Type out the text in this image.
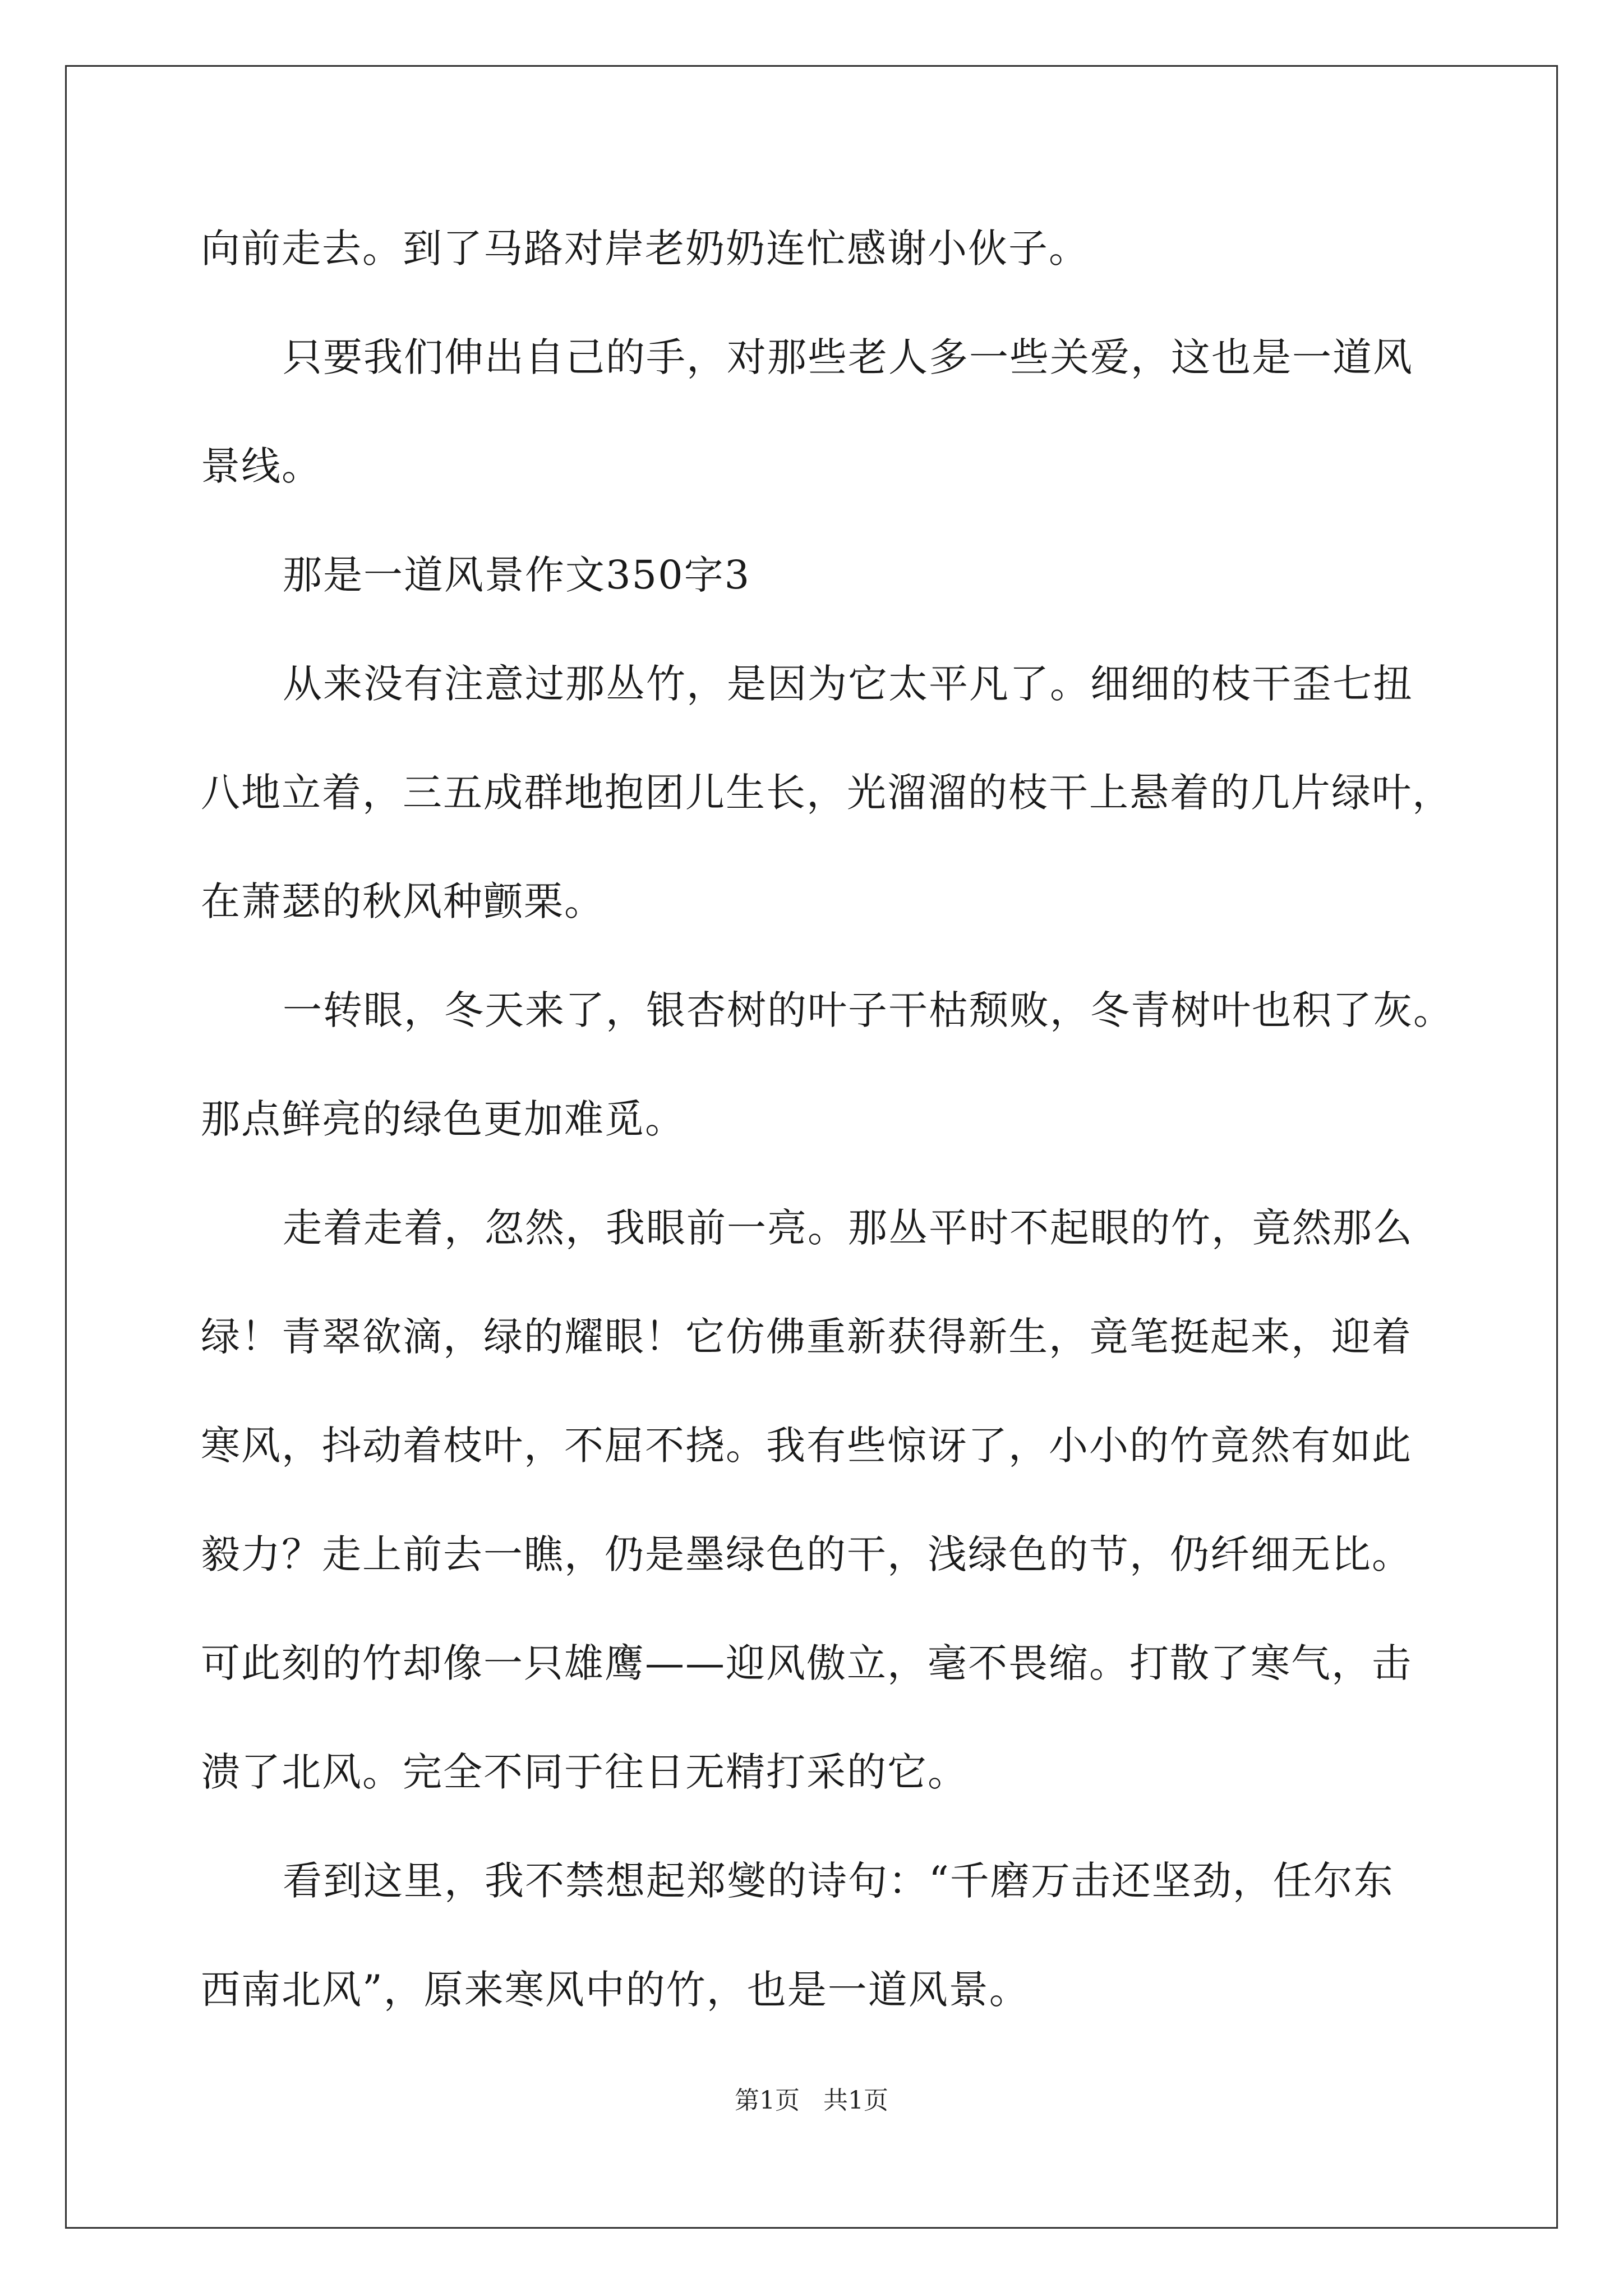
向前走去。到了马路对岸老奶奶连忙感谢小伙子。
只要我们伸出自己的手，对那些老人多一些关爱，这也是一道风
景线。
那是一道风景作文350字3
从来没有注意过那丛竹，是因为它太平凡了。细细的枝干歪七扭
八地立着，三五成群地抱团儿生长，光溜溜的枝干上悬着的几片绿叶，
在萧瑟的秋风种颤栗。
一转眼，冬天来了，银杏树的叶子干枯颓败，冬青树叶也积了灰。
那点鲜亮的绿色更加难觅。
走着走着，忽然，我眼前一亮。那丛平时不起眼的竹，竟然那么
绿！青翠欲滴，绿的耀眼！它仿佛重新获得新生，竟笔挺起来，迎着
寒风，抖动着枝叶，不屈不挠。我有些惊讶了，小小的竹竟然有如此
毅力？走上前去一瞧，仍是墨绿色的干，浅绿色的节，仍纤细无比。
可此刻的竹却像一只雄鹰——迎风傲立，毫不畏缩。打散了寒气，击
溃了北风。完全不同于往日无精打采的它。
看到这里，我不禁想起郑燮的诗句：“千磨万击还坚劲，任尔东
西南北风”，原来寒风中的竹，也是一道风景。
第1页   共1页
